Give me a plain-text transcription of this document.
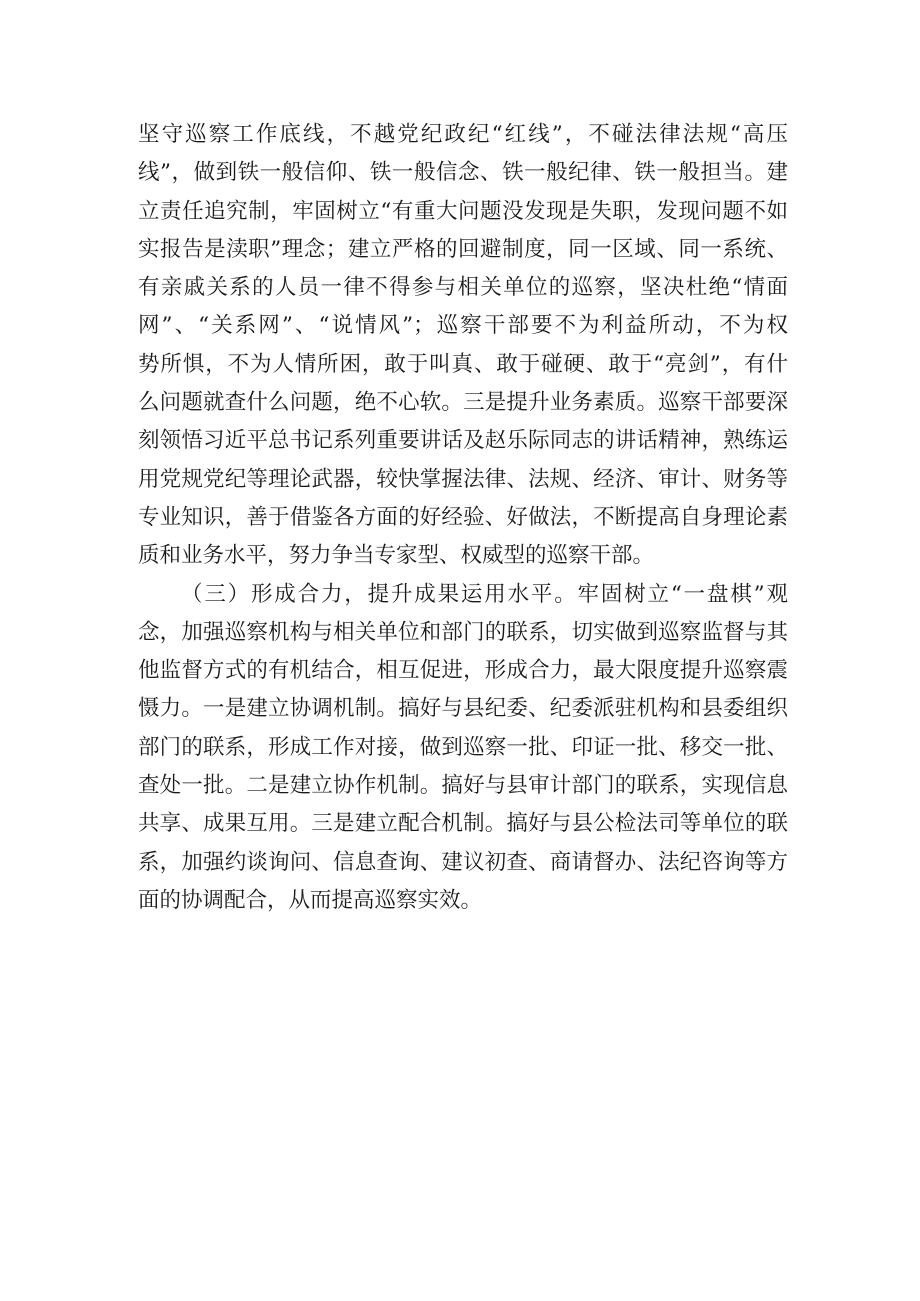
坚守巡察工作底线，不越党纪政纪“红线”，不碰法律法规“高压
线”，做到铁一般信仰、铁一般信念、铁一般纪律、铁一般担当。建
立责任追究制，牢固树立“有重大问题没发现是失职，发现问题不如
实报告是渎职”理念；建立严格的回避制度，同一区域、同一系统、
有亲戚关系的人员一律不得参与相关单位的巡察，坚决杜绝“情面
网”、“关系网”、“说情风”；巡察干部要不为利益所动，不为权
势所惧，不为人情所困，敢于叫真、敢于碰硬、敢于“亮剑”，有什
么问题就查什么问题，绝不心软。三是提升业务素质。巡察干部要深
刻领悟习近平总书记系列重要讲话及赵乐际同志的讲话精神，熟练运
用党规党纪等理论武器，较快掌握法律、法规、经济、审计、财务等
专业知识，善于借鉴各方面的好经验、好做法，不断提高自身理论素
质和业务水平，努力争当专家型、权威型的巡察干部。
（三）形成合力，提升成果运用水平。牢固树立“一盘棋”观
念，加强巡察机构与相关单位和部门的联系，切实做到巡察监督与其
他监督方式的有机结合，相互促进，形成合力，最大限度提升巡察震
慑力。一是建立协调机制。搞好与县纪委、纪委派驻机构和县委组织
部门的联系，形成工作对接，做到巡察一批、印证一批、移交一批、
查处一批。二是建立协作机制。搞好与县审计部门的联系，实现信息
共享、成果互用。三是建立配合机制。搞好与县公检法司等单位的联
系，加强约谈询问、信息查询、建议初查、商请督办、法纪咨询等方
面的协调配合，从而提高巡察实效。
